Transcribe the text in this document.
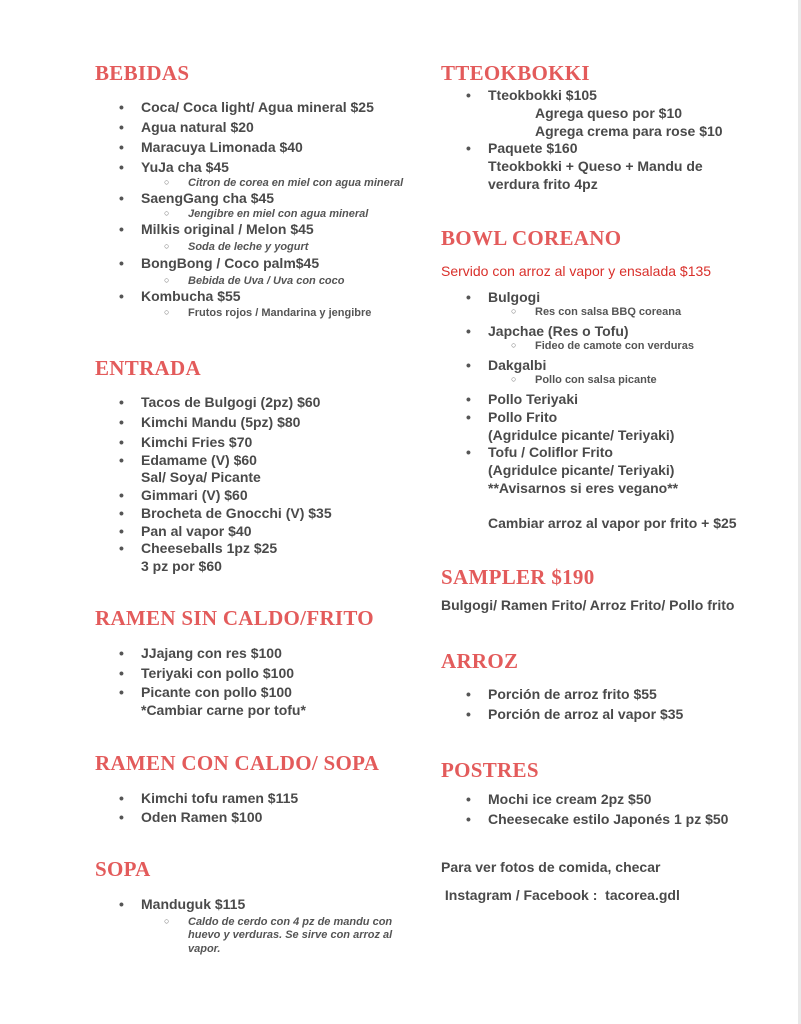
BEBIDAS
• Coca/ Coca light/ Agua mineral $25
• Agua natural $20
• Maracuya Limonada $40
• YuJa cha $45
○ Citron de corea en miel con agua mineral
• SaengGang cha $45
○ Jengibre en miel con agua mineral
• Milkis original / Melon $45
○ Soda de leche y yogurt
• BongBong / Coco palm$45
○ Bebida de Uva / Uva con coco
• Kombucha $55
○ Frutos rojos / Mandarina y jengibre
ENTRADA
• Tacos de Bulgogi (2pz) $60
• Kimchi Mandu (5pz) $80
• Kimchi Fries $70
• Edamame (V) $60
Sal/ Soya/ Picante
• Gimmari (V) $60
• Brocheta de Gnocchi (V) $35
• Pan al vapor $40
• Cheeseballs 1pz $25
3 pz por $60
RAMEN SIN CALDO/FRITO
• JJajang con res $100
• Teriyaki con pollo $100
• Picante con pollo $100
*Cambiar carne por tofu*
RAMEN CON CALDO/ SOPA
• Kimchi tofu ramen $115
• Oden Ramen $100
SOPA
• Manduguk $115
○ Caldo de cerdo con 4 pz de mandu con
huevo y verduras. Se sirve con arroz al
vapor.
TTEOKBOKKI
• Tteokbokki $105
Agrega queso por $10
Agrega crema para rose $10
• Paquete $160
Tteokbokki + Queso + Mandu de
verdura frito 4pz
BOWL COREANO
Servido con arroz al vapor y ensalada $135
• Bulgogi
○ Res con salsa BBQ coreana
• Japchae (Res o Tofu)
○ Fideo de camote con verduras
• Dakgalbi
○ Pollo con salsa picante
• Pollo Teriyaki
• Pollo Frito
(Agridulce picante/ Teriyaki)
• Tofu / Coliflor Frito
(Agridulce picante/ Teriyaki)
**Avisarnos si eres vegano**
Cambiar arroz al vapor por frito + $25
SAMPLER $190
Bulgogi/ Ramen Frito/ Arroz Frito/ Pollo frito
ARROZ
• Porción de arroz frito $55
• Porción de arroz al vapor $35
POSTRES
• Mochi ice cream 2pz $50
• Cheesecake estilo Japonés 1 pz $50
Para ver fotos de comida, checar
Instagram / Facebook :  tacorea.gdl
